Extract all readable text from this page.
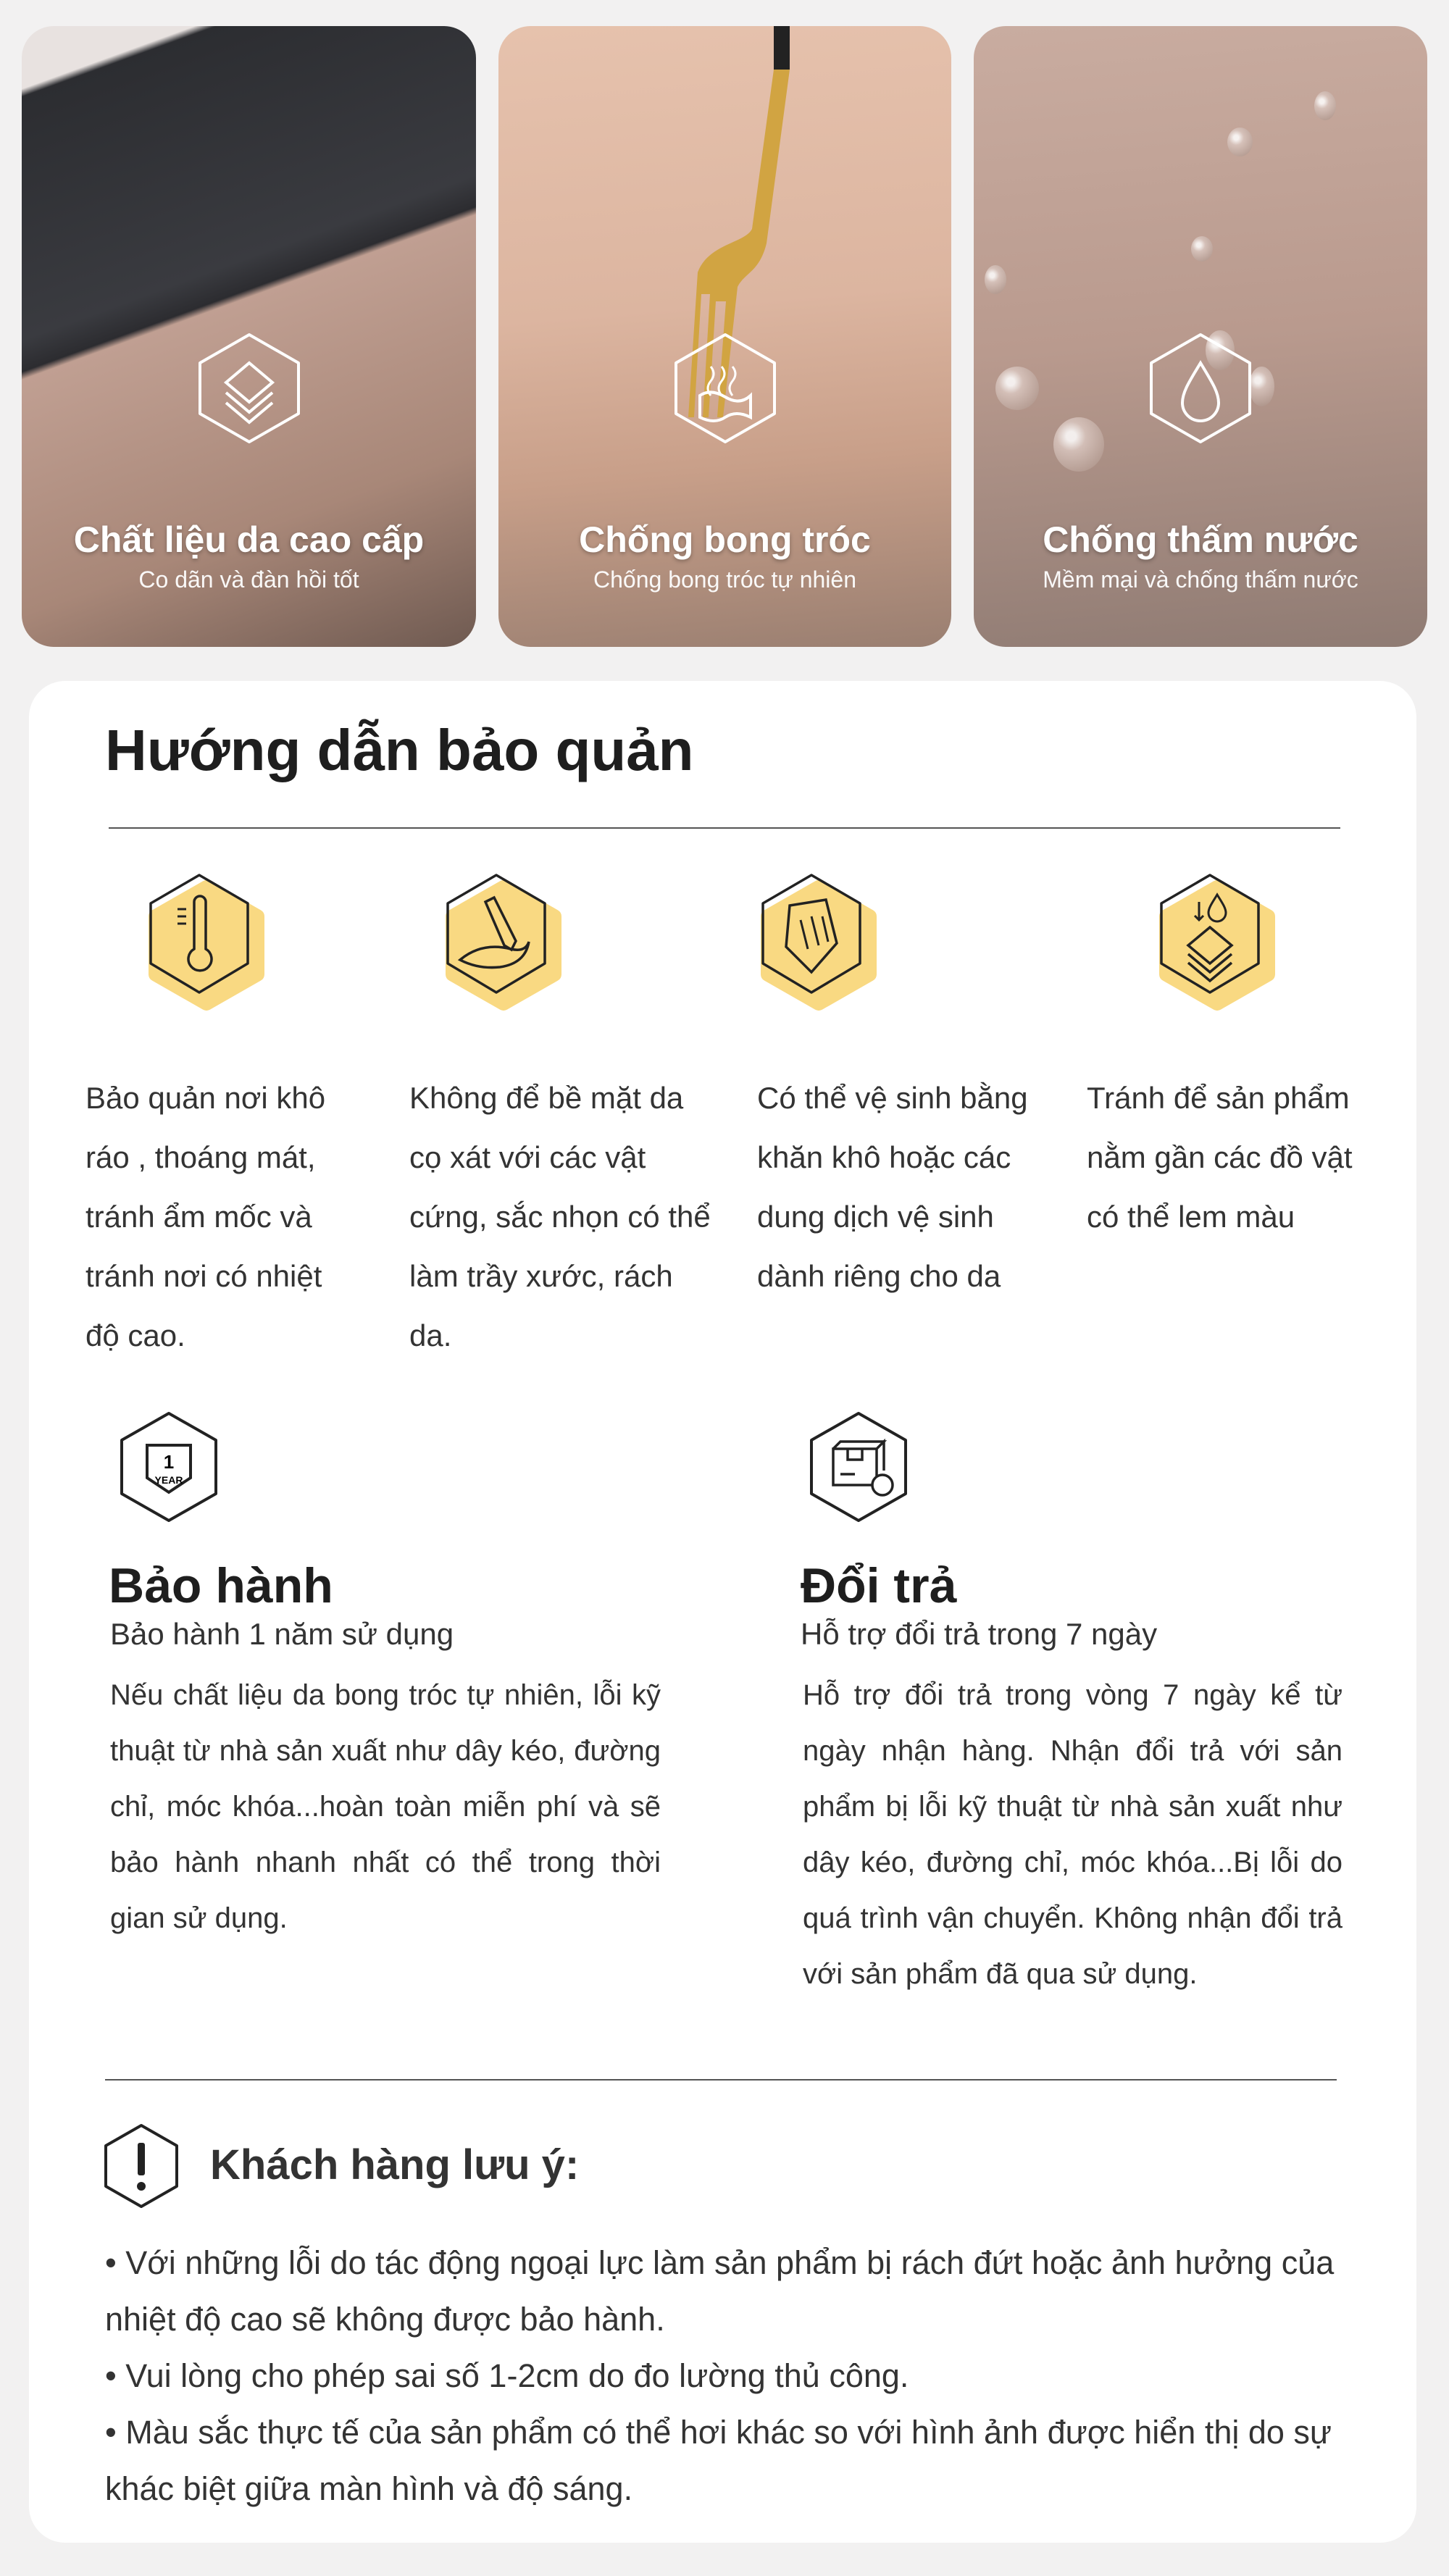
Chất liệu da cao cấp
Co dãn và đàn hồi tốt
Chống bong tróc
Chống bong tróc tự nhiên
Chống thấm nước
Mềm mại và chống thấm nước
Hướng dẫn bảo quản
Bảo quản nơi khô ráo , thoáng mát, tránh ẩm mốc và tránh nơi có nhiệt độ cao.
Không để bề mặt da cọ xát với các vật cứng, sắc nhọn có thể làm trầy xước, rách da.
Có thể vệ sinh bằng khăn khô hoặc các dung dịch vệ sinh dành riêng cho da
Tránh để sản phẩm nằm gần các đồ vật có thể lem màu
1
YEAR
Bảo hành
Bảo hành 1 năm sử dụng
Nếu chất liệu da bong tróc tự nhiên, lỗi kỹ thuật từ nhà sản xuất như dây kéo, đường chỉ, móc khóa...hoàn toàn miễn phí và sẽ bảo hành nhanh nhất có thể trong thời gian sử dụng.
Đổi trả
Hỗ trợ đổi trả trong 7 ngày
Hỗ trợ đổi trả trong vòng 7 ngày kể từ ngày nhận hàng. Nhận đổi trả với sản phẩm bị lỗi kỹ thuật từ nhà sản xuất như dây kéo, đường chỉ, móc khóa...Bị lỗi do quá trình vận chuyển. Không nhận đổi trả với sản phẩm đã qua sử dụng.
Khách hàng lưu ý:
• Với những lỗi do tác động ngoại lực làm sản phẩm bị rách đứt hoặc ảnh hưởng của nhiệt độ cao sẽ không được bảo hành.
• Vui lòng cho phép sai số 1-2cm do đo lường thủ công.
• Màu sắc thực tế của sản phẩm có thể hơi khác so với hình ảnh được hiển thị do sự khác biệt giữa màn hình và độ sáng.
